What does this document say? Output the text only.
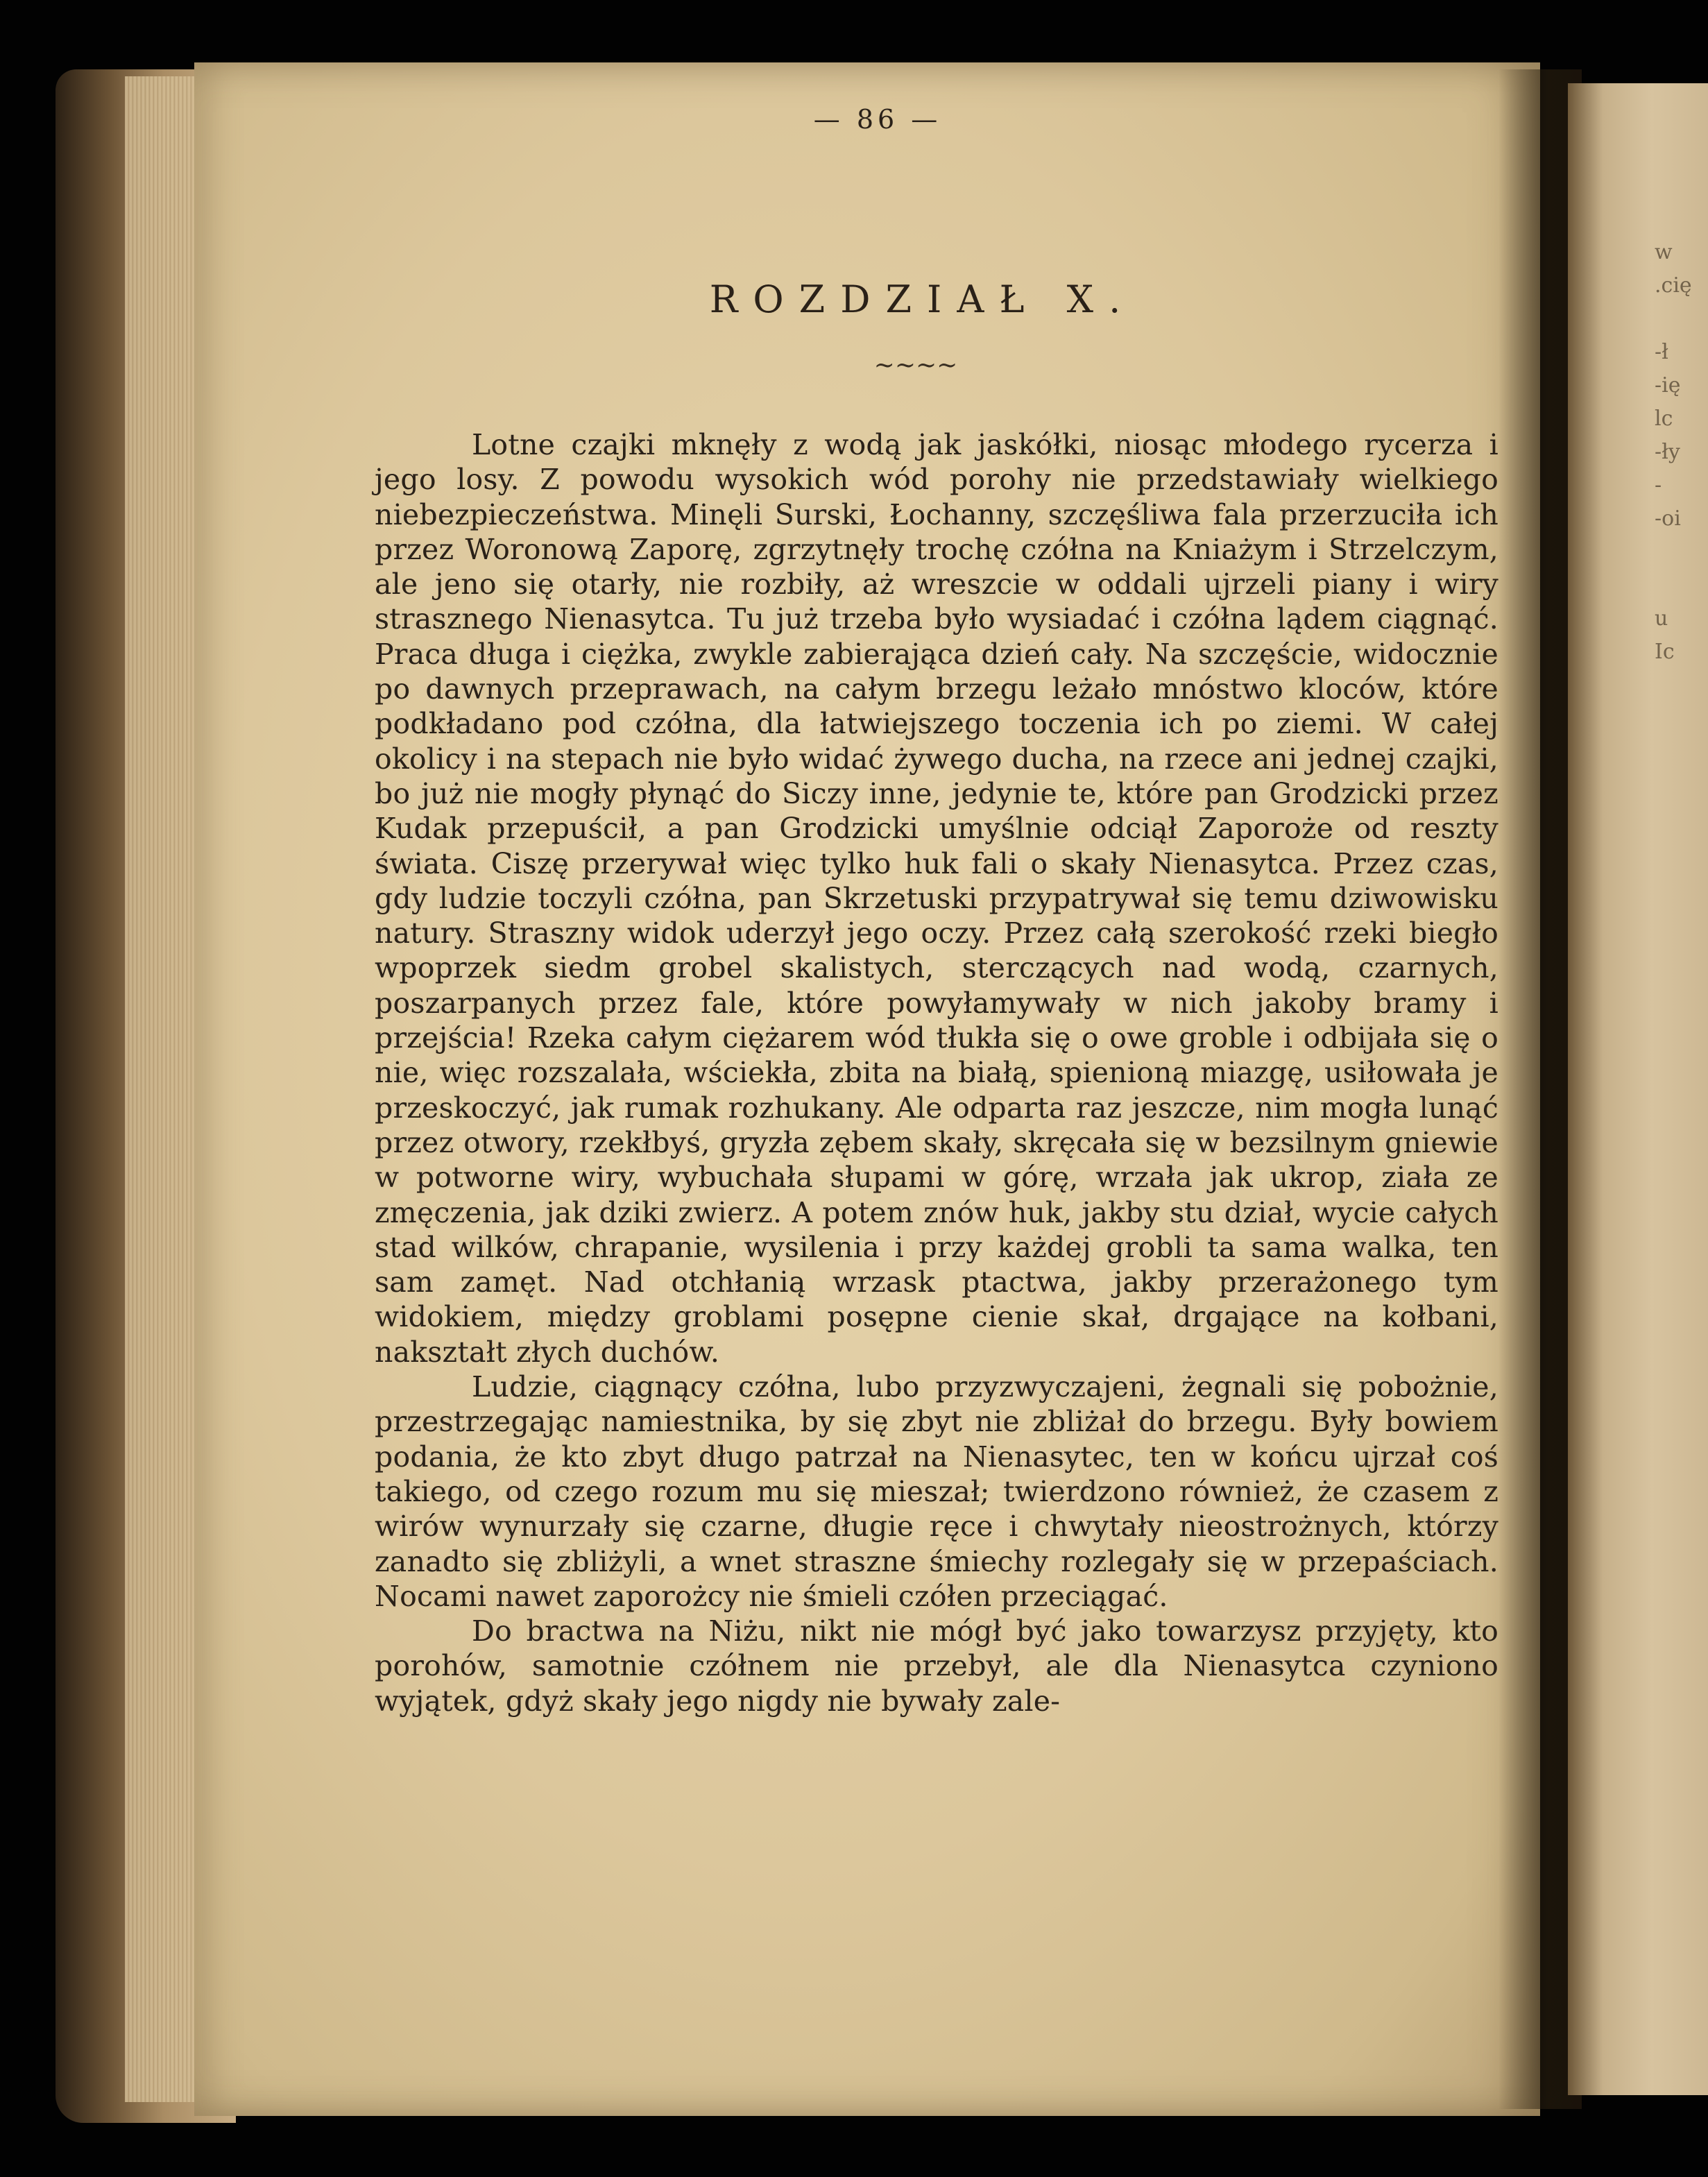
w
.cię

-ł
-ię
lc
-ły
-
-oi

u
Ic
— 86 —
ROZDZIAŁ X.
~~~~

Lotne czajki mknęły z wodą jak jaskółki, niosąc młodego rycerza i jego losy. Z powodu wysokich wód porohy nie przedstawiały wielkiego niebezpieczeństwa. Minęli Surski, Łochanny, szczęśliwa fala przerzuciła ich przez Woronową Zaporę, zgrzytnęły trochę czółna na Kniażym i Strzelczym, ale jeno się otarły, nie rozbiły, aż wreszcie w oddali ujrzeli piany i wiry strasznego Nienasytca. Tu już trzeba było wysiadać i czółna lądem ciągnąć. Praca długa i ciężka, zwykle zabierająca dzień cały. Na szczęście, widocznie po dawnych przeprawach, na całym brzegu leżało mnóstwo kloców, które podkładano pod czółna, dla łatwiejszego toczenia ich po ziemi. W całej okolicy i na stepach nie było widać żywego ducha, na rzece ani jednej czajki, bo już nie mogły płynąć do Siczy inne, jedynie te, które pan Grodzicki przez Kudak przepuścił, a pan Grodzicki umyślnie odciął Zaporoże od reszty świata. Ciszę przerywał więc tylko huk fali o skały Nienasytca. Przez czas, gdy ludzie toczyli czółna, pan Skrzetuski przypatrywał się temu dziwowisku natury. Straszny widok uderzył jego oczy. Przez całą szerokość rzeki biegło wpoprzek siedm grobel skalistych, sterczących nad wodą, czarnych, poszarpanych przez fale, które powyłamywały w nich jakoby bramy i przejścia! Rzeka całym ciężarem wód tłukła się o owe groble i odbijała się o nie, więc rozszalała, wściekła, zbita na białą, spienioną miazgę, usiłowała je przeskoczyć, jak rumak rozhukany. Ale odparta raz jeszcze, nim mogła lunąć przez otwory, rzekłbyś, gryzła zębem skały, skręcała się w bezsilnym gniewie w potworne wiry, wybuchała słupami w górę, wrzała jak ukrop, ziała ze zmęczenia, jak dziki zwierz. A potem znów huk, jakby stu dział, wycie całych stad wilków, chrapanie, wysilenia i przy każdej grobli ta sama walka, ten sam zamęt. Nad otchłanią wrzask ptactwa, jakby przerażonego tym widokiem, między groblami posępne cienie skał, drgające na kołbani, nakształt złych duchów.

Ludzie, ciągnący czółna, lubo przyzwyczajeni, żegnali się pobożnie, przestrzegając namiestnika, by się zbyt nie zbliżał do brzegu. Były bowiem podania, że kto zbyt długo patrzał na Nienasytec, ten w końcu ujrzał coś takiego, od czego rozum mu się mieszał; twierdzono również, że czasem z wirów wynurzały się czarne, długie ręce i chwytały nieostrożnych, którzy zanadto się zbliżyli, a wnet straszne śmiechy rozlegały się w przepaściach. Nocami nawet zaporożcy nie śmieli czółen przeciągać.

Do bractwa na Niżu, nikt nie mógł być jako towarzysz przyjęty, kto porohów, samotnie czółnem nie przebył, ale dla Nienasytca czyniono wyjątek, gdyż skały jego nigdy nie bywały zale-
